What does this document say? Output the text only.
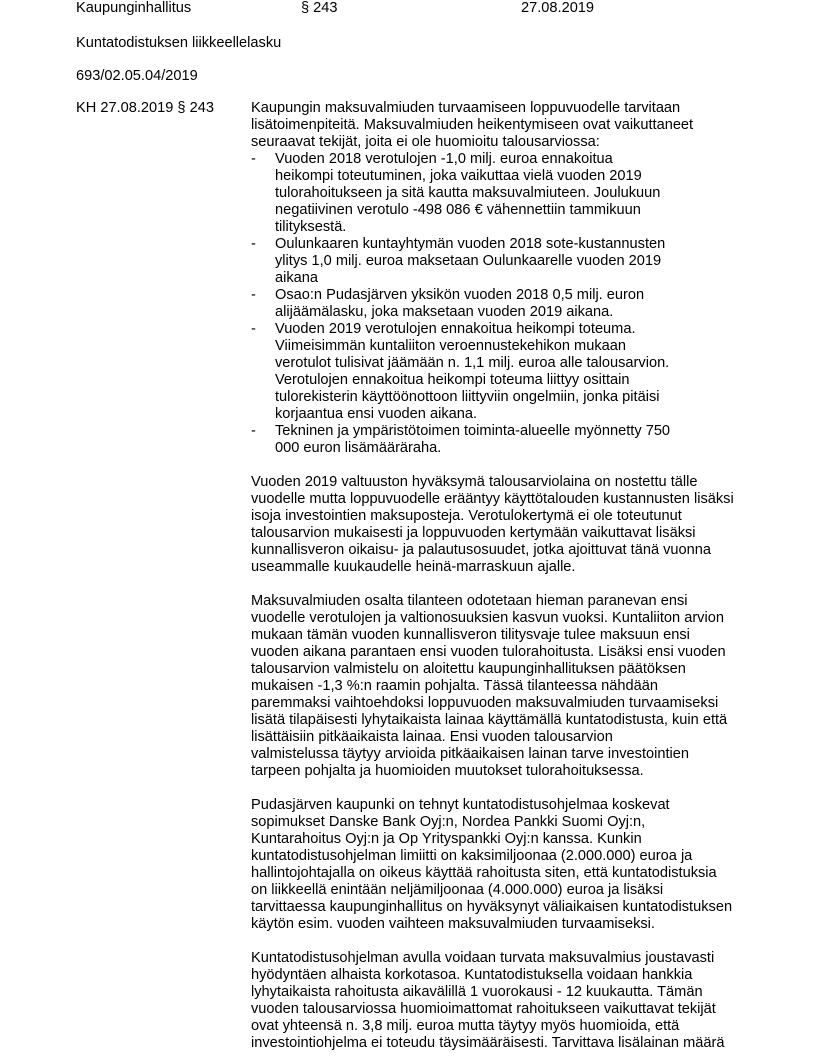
Kaupunginhallitus	§ 243	27.08.2019
Kuntatodistuksen liikkeellelasku
693/02.05.04/2019
KH 27.08.2019 § 243	Kaupungin maksuvalmiuden turvaamiseen loppuvuodelle tarvitaan
lisätoimenpiteitä. Maksuvalmiuden heikentymiseen ovat vaikuttaneet
seuraavat tekijät, joita ei ole huomioitu talousarviossa:
- Vuoden 2018 verotulojen -1,0 milj. euroa ennakoitua
heikompi toteutuminen, joka vaikuttaa vielä vuoden 2019
tulorahoitukseen ja sitä kautta maksuvalmiuteen. Joulukuun
negatiivinen verotulo -498 086 € vähennettiin tammikuun
tilityksestä.
- Oulunkaaren kuntayhtymän vuoden 2018 sote-kustannusten
ylitys 1,0 milj. euroa maksetaan Oulunkaarelle vuoden 2019
aikana
- Osao:n Pudasjärven yksikön vuoden 2018 0,5 milj. euron
alijäämälasku, joka maksetaan vuoden 2019 aikana.
- Vuoden 2019 verotulojen ennakoitua heikompi toteuma.
Viimeisimmän kuntaliiton veroennustekehikon mukaan
verotulot tulisivat jäämään n. 1,1 milj. euroa alle talousarvion.
Verotulojen ennakoitua heikompi toteuma liittyy osittain
tulorekisterin käyttöönottoon liittyviin ongelmiin, jonka pitäisi
korjaantua ensi vuoden aikana.
- Tekninen ja ympäristötoimen toiminta-alueelle myönnetty 750
000 euron lisämääräraha.
Vuoden 2019 valtuuston hyväksymä talousarviolaina on nostettu tälle
vuodelle mutta loppuvuodelle erääntyy käyttötalouden kustannusten lisäksi
isoja investointien maksuposteja. Verotulokertymä ei ole toteutunut
talousarvion mukaisesti ja loppuvuoden kertymään vaikuttavat lisäksi
kunnallisveron oikaisu- ja palautusosuudet, jotka ajoittuvat tänä vuonna
useammalle kuukaudelle heinä-marraskuun ajalle.
Maksuvalmiuden osalta tilanteen odotetaan hieman paranevan ensi
vuodelle verotulojen ja valtionosuuksien kasvun vuoksi. Kuntaliiton arvion
mukaan tämän vuoden kunnallisveron tilitysvaje tulee maksuun ensi
vuoden aikana parantaen ensi vuoden tulorahoitusta. Lisäksi ensi vuoden
talousarvion valmistelu on aloitettu kaupunginhallituksen päätöksen
mukaisen -1,3 %:n raamin pohjalta. Tässä tilanteessa nähdään
paremmaksi vaihtoehdoksi loppuvuoden maksuvalmiuden turvaamiseksi
lisätä tilapäisesti lyhytaikaista lainaa käyttämällä kuntatodistusta, kuin että
lisättäisiin pitkäaikaista lainaa. Ensi vuoden talousarvion
valmistelussa täytyy arvioida pitkäaikaisen lainan tarve investointien
tarpeen pohjalta ja huomioiden muutokset tulorahoituksessa.
Pudasjärven kaupunki on tehnyt kuntatodistusohjelmaa koskevat
sopimukset Danske Bank Oyj:n, Nordea Pankki Suomi Oyj:n,
Kuntarahoitus Oyj:n ja Op Yrityspankki Oyj:n kanssa. Kunkin
kuntatodistusohjelman limiitti on kaksimiljoonaa (2.000.000) euroa ja
hallintojohtajalla on oikeus käyttää rahoitusta siten, että kuntatodistuksia
on liikkeellä enintään neljämiljoonaa (4.000.000) euroa ja lisäksi
tarvittaessa kaupunginhallitus on hyväksynyt väliaikaisen kuntatodistuksen
käytön esim. vuoden vaihteen maksuvalmiuden turvaamiseksi.
Kuntatodistusohjelman avulla voidaan turvata maksuvalmius joustavasti
hyödyntäen alhaista korkotasoa. Kuntatodistuksella voidaan hankkia
lyhytaikaista rahoitusta aikavälillä 1 vuorokausi - 12 kuukautta. Tämän
vuoden talousarviossa huomioimattomat rahoitukseen vaikuttavat tekijät
ovat yhteensä n. 3,8 milj. euroa mutta täytyy myös huomioida, että
investointiohjelma ei toteudu täysimääräisesti. Tarvittava lisälainan määrä
